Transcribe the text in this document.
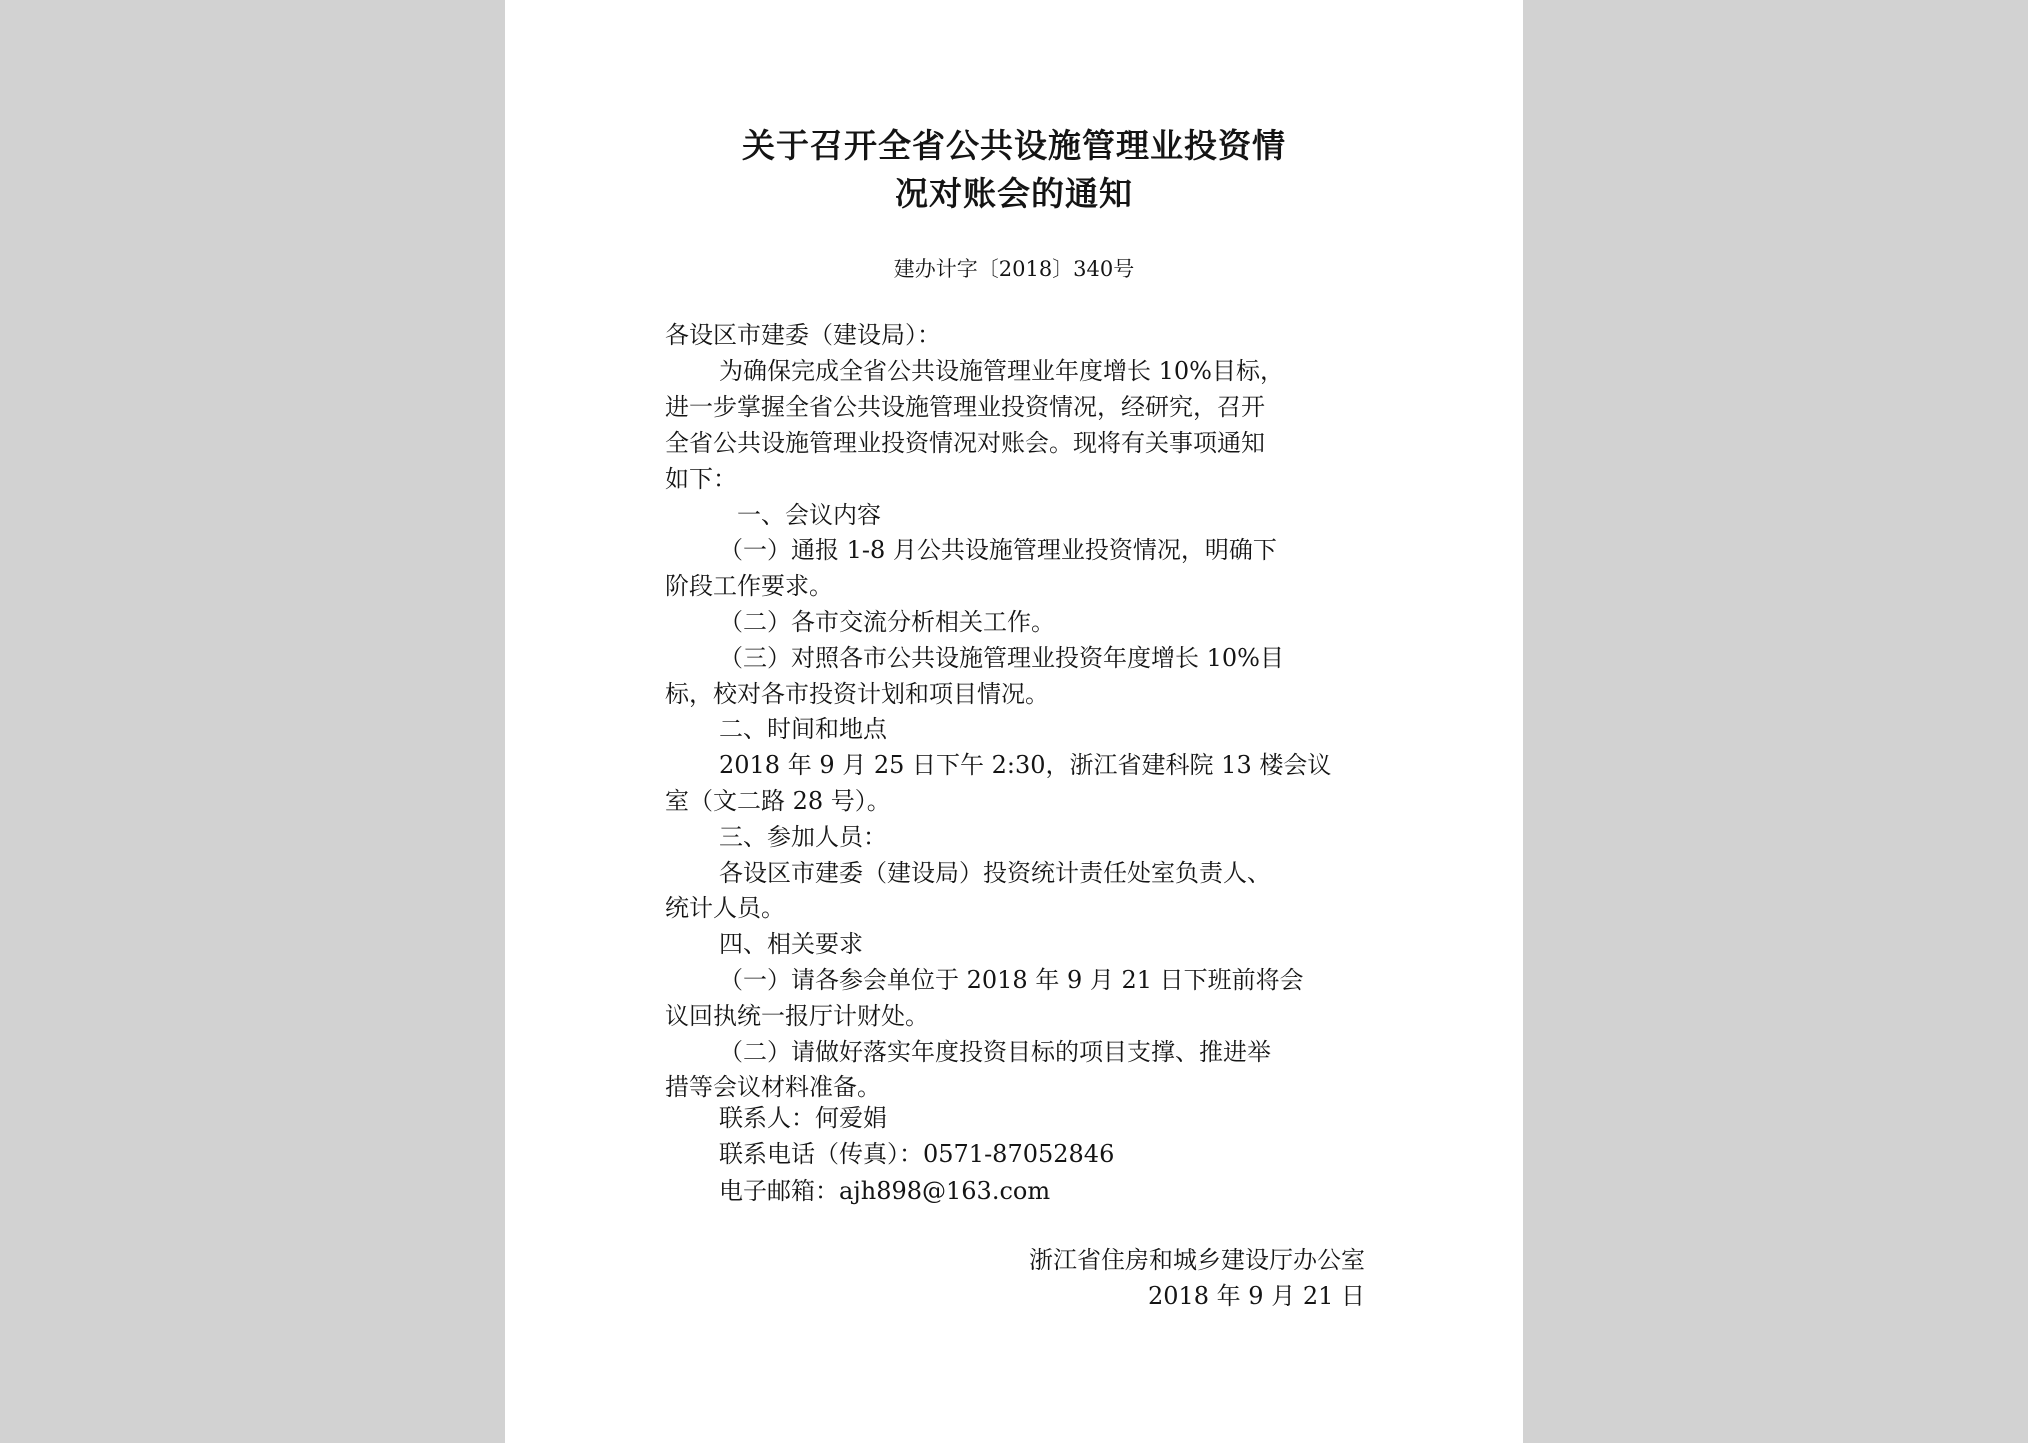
关于召开全省公共设施管理业投资情
况对账会的通知
建办计字〔2018〕340号
各设区市建委（建设局）：
为确保完成全省公共设施管理业年度增长 10%目标，
进一步掌握全省公共设施管理业投资情况，经研究，召开
全省公共设施管理业投资情况对账会。现将有关事项通知
如下：
一、会议内容
（一）通报 1-8 月公共设施管理业投资情况，明确下
阶段工作要求。
（二）各市交流分析相关工作。
（三）对照各市公共设施管理业投资年度增长 10%目
标，校对各市投资计划和项目情况。
二、时间和地点
2018 年 9 月 25 日下午 2:30，浙江省建科院 13 楼会议
室（文二路 28 号）。
三、参加人员：
各设区市建委（建设局）投资统计责任处室负责人、
统计人员。
四、相关要求
（一）请各参会单位于 2018 年 9 月 21 日下班前将会
议回执统一报厅计财处。
（二）请做好落实年度投资目标的项目支撑、推进举
措等会议材料准备。
联系人：何爱娟
联系电话（传真）：0571-87052846
电子邮箱：ajh898@163.com
浙江省住房和城乡建设厅办公室
2018 年 9 月 21 日
